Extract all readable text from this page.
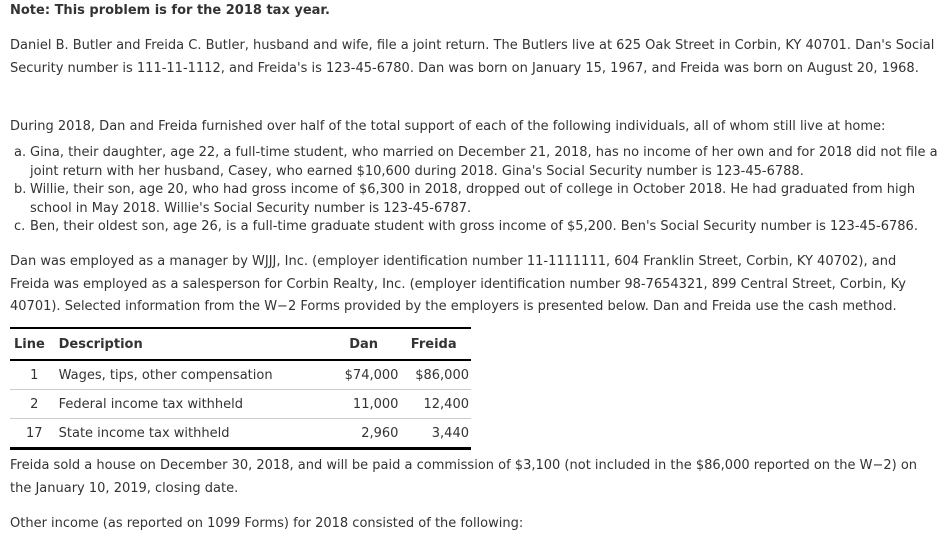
Note: This problem is for the 2018 tax year.

Daniel B. Butler and Freida C. Butler, husband and wife, file a joint return. The Butlers live at 625 Oak Street in Corbin, KY 40701. Dan's Social Security number is 111-11-1112, and Freida's is 123-45-6780. Dan was born on January 15, 1967, and Freida was born on August 20, 1968.

During 2018, Dan and Freida furnished over half of the total support of each of the following individuals, all of whom still live at home:

a. Gina, their daughter, age 22, a full-time student, who married on December 21, 2018, has no income of her own and for 2018 did not file a joint return with her husband, Casey, who earned $10,600 during 2018. Gina's Social Security number is 123-45-6788.
b. Willie, their son, age 20, who had gross income of $6,300 in 2018, dropped out of college in October 2018. He had graduated from high school in May 2018. Willie's Social Security number is 123-45-6787.
c. Ben, their oldest son, age 26, is a full-time graduate student with gross income of $5,200. Ben's Social Security number is 123-45-6786.

Dan was employed as a manager by WJJJ, Inc. (employer identification number 11-1111111, 604 Franklin Street, Corbin, KY 40702), and Freida was employed as a salesperson for Corbin Realty, Inc. (employer identification number 98-7654321, 899 Central Street, Corbin, Ky 40701). Selected information from the W−2 Forms provided by the employers is presented below. Dan and Freida use the cash method.

Line	Description	Dan	Freida
1	Wages, tips, other compensation	$74,000	$86,000
2	Federal income tax withheld	11,000	12,400
17	State income tax withheld	2,960	3,440

Freida sold a house on December 30, 2018, and will be paid a commission of $3,100 (not included in the $86,000 reported on the W−2) on the January 10, 2019, closing date.

Other income (as reported on 1099 Forms) for 2018 consisted of the following:
